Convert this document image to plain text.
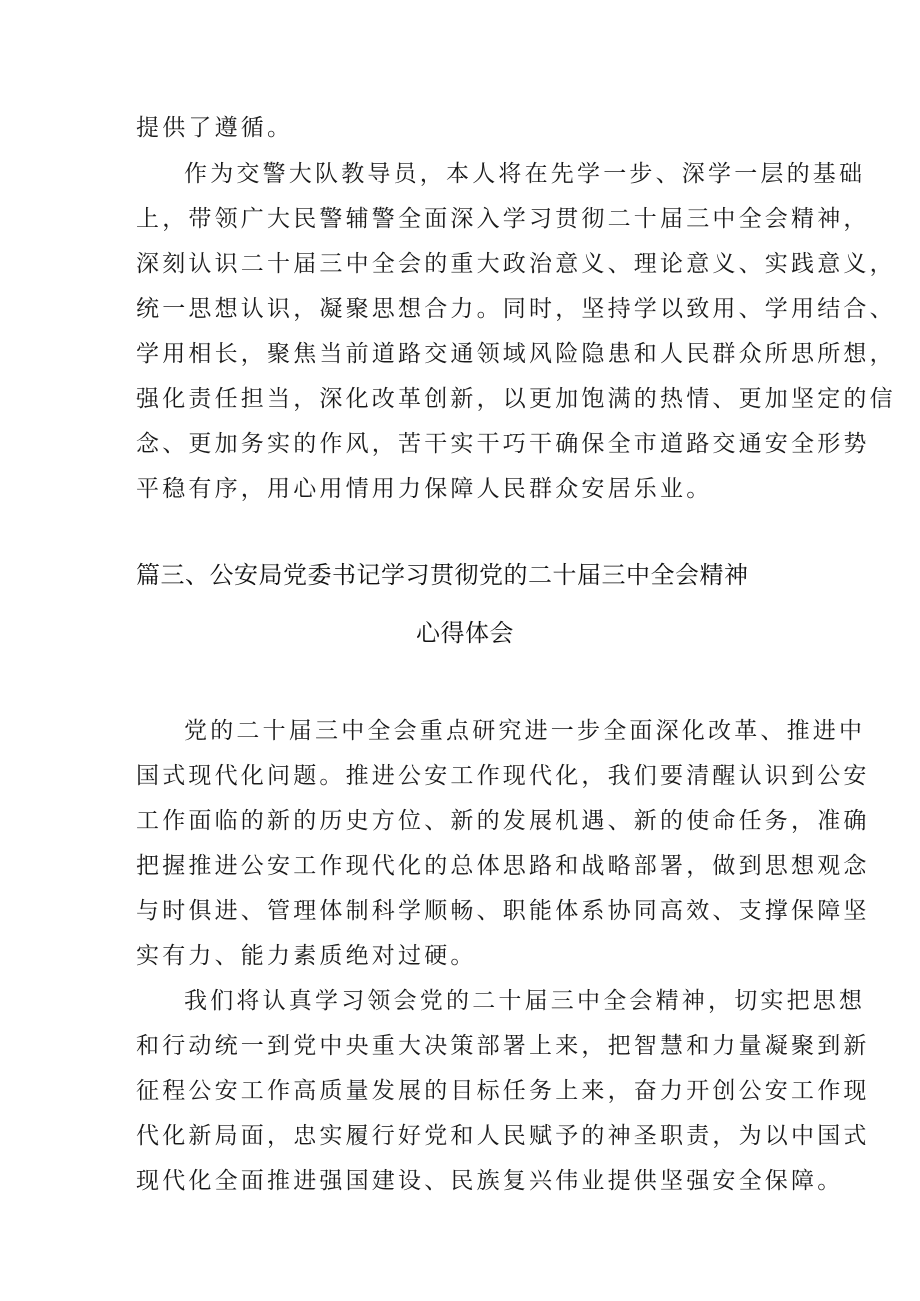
提供了遵循。
作为交警大队教导员，本人将在先学一步、深学一层的基础
上，带领广大民警辅警全面深入学习贯彻二十届三中全会精神，
深刻认识二十届三中全会的重大政治意义、理论意义、实践意义，
统一思想认识，凝聚思想合力。同时，坚持学以致用、学用结合、
学用相长，聚焦当前道路交通领域风险隐患和人民群众所思所想，
强化责任担当，深化改革创新，以更加饱满的热情、更加坚定的信
念、更加务实的作风，苦干实干巧干确保全市道路交通安全形势
平稳有序，用心用情用力保障人民群众安居乐业。
篇三、公安局党委书记学习贯彻党的二十届三中全会精神
心得体会
党的二十届三中全会重点研究进一步全面深化改革、推进中
国式现代化问题。推进公安工作现代化，我们要清醒认识到公安
工作面临的新的历史方位、新的发展机遇、新的使命任务，准确
把握推进公安工作现代化的总体思路和战略部署，做到思想观念
与时俱进、管理体制科学顺畅、职能体系协同高效、支撑保障坚
实有力、能力素质绝对过硬。
我们将认真学习领会党的二十届三中全会精神，切实把思想
和行动统一到党中央重大决策部署上来，把智慧和力量凝聚到新
征程公安工作高质量发展的目标任务上来，奋力开创公安工作现
代化新局面，忠实履行好党和人民赋予的神圣职责，为以中国式
现代化全面推进强国建设、民族复兴伟业提供坚强安全保障。
